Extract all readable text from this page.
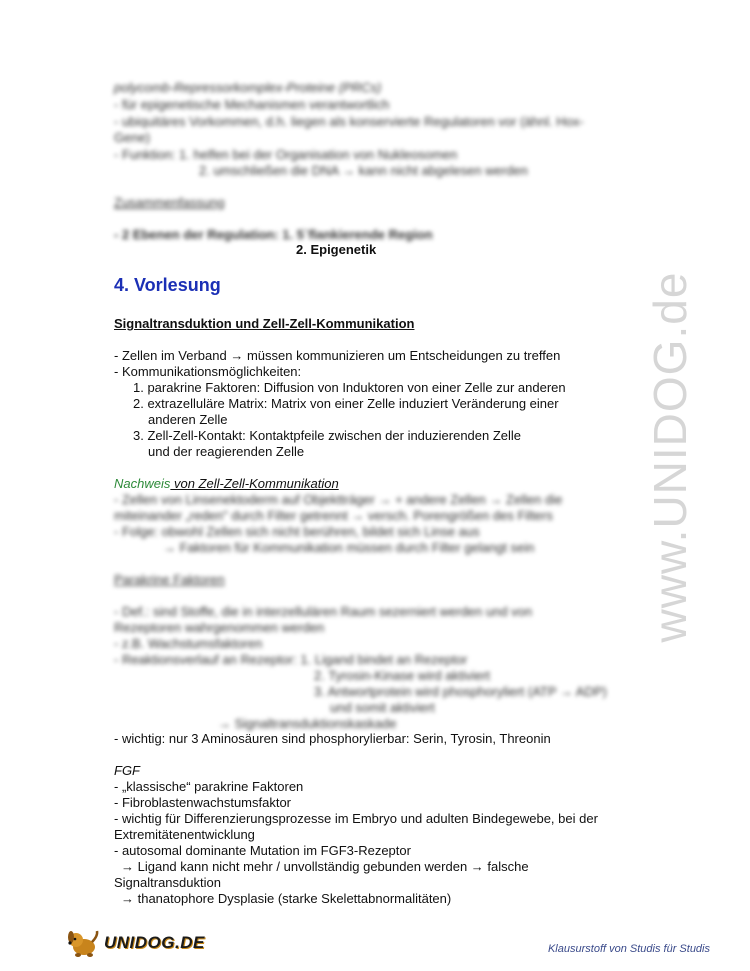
www.UNIDOG.de
polycomb-Repressorkomplex-Proteine (PRCs)
- für epigenetische Mechanismen verantwortlich
- ubiquitäres Vorkommen, d.h. liegen als konservierte Regulatoren vor (ähnl. Hox-
Gene)
- Funktion: 1. helfen bei der Organisation von Nukleosomen
2. umschließen die DNA → kann nicht abgelesen werden
Zusammenfassung
- 2 Ebenen der Regulation: 1. 5`flankierende Region
2. Epigenetik
4. Vorlesung
Signaltransduktion und Zell-Zell-Kommunikation
- Zellen im Verband → müssen kommunizieren um Entscheidungen zu treffen
- Kommunikationsmöglichkeiten:
1. parakrine Faktoren: Diffusion von Induktoren von einer Zelle zur anderen
2. extrazelluläre Matrix: Matrix von einer Zelle induziert Veränderung einer
anderen Zelle
3. Zell-Zell-Kontakt: Kontaktpfeile zwischen der induzierenden Zelle
und der reagierenden Zelle
Nachweis von Zell-Zell-Kommunikation
- Zellen von Linsenektoderm auf Objektträger → + andere Zellen → Zellen die
miteinander „reden" durch Filter getrennt → versch. Porengrößen des Filters
- Folge: obwohl Zellen sich nicht berühren, bildet sich Linse aus
→ Faktoren für Kommunikation müssen durch Filter gelangt sein
Parakrine Faktoren
- Def.: sind Stoffe, die in interzellulären Raum sezerniert werden und von
Rezeptoren wahrgenommen werden
- z.B. Wachstumsfaktoren
- Reaktionsverlauf an Rezeptor: 1. Ligand bindet an Rezeptor
2. Tyrosin-Kinase wird aktiviert
3. Antwortprotein wird phosphoryliert (ATP → ADP)
und somit aktiviert
→ Signaltransduktionskaskade
- wichtig: nur 3 Aminosäuren sind phosphorylierbar: Serin, Tyrosin, Threonin
FGF
- „klassische“ parakrine Faktoren
- Fibroblastenwachstumsfaktor
- wichtig für Differenzierungsprozesse im Embryo und adulten Bindegewebe, bei der
Extremitätenentwicklung
- autosomal dominante Mutation im FGF3-Rezeptor
→ Ligand kann nicht mehr / unvollständig gebunden werden → falsche
Signaltransduktion
→ thanatophore Dysplasie (starke Skelettabnormalitäten)
UNIDOG.DE	Klausurstoff von Studis für Studis
